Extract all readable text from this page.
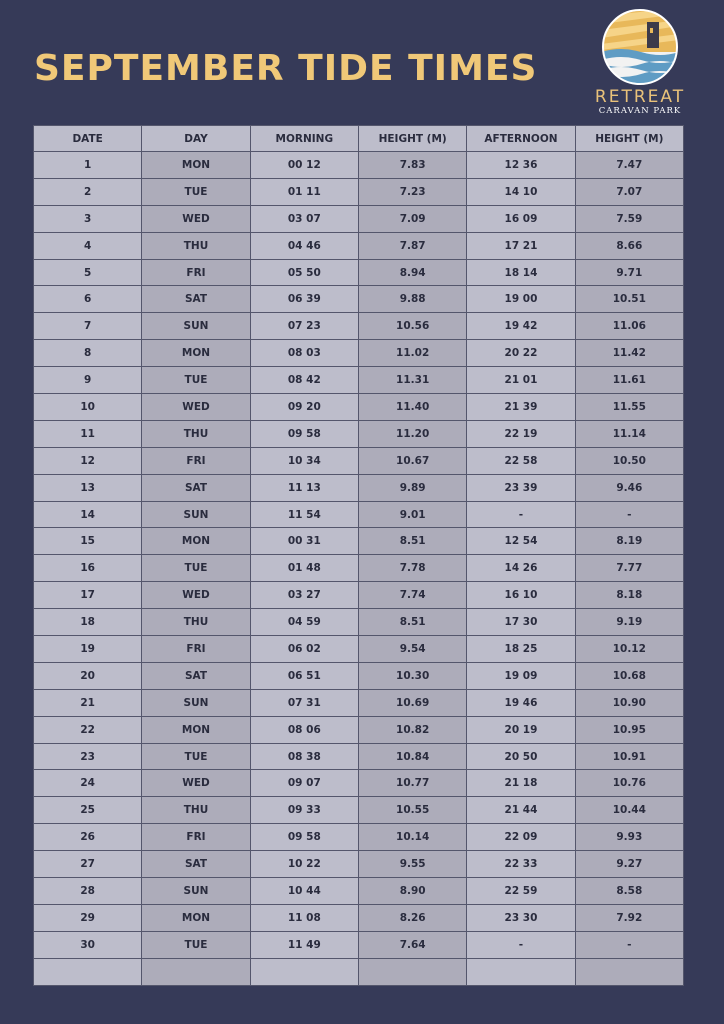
SEPTEMBER TIDE TIMES
RETREAT
CARAVAN PARK
DATE	DAY	MORNING	HEIGHT (M)	AFTERNOON	HEIGHT (M)
1	MON	00 12	7.83	12 36	7.47
2	TUE	01 11	7.23	14 10	7.07
3	WED	03 07	7.09	16 09	7.59
4	THU	04 46	7.87	17 21	8.66
5	FRI	05 50	8.94	18 14	9.71
6	SAT	06 39	9.88	19 00	10.51
7	SUN	07 23	10.56	19 42	11.06
8	MON	08 03	11.02	20 22	11.42
9	TUE	08 42	11.31	21 01	11.61
10	WED	09 20	11.40	21 39	11.55
11	THU	09 58	11.20	22 19	11.14
12	FRI	10 34	10.67	22 58	10.50
13	SAT	11 13	9.89	23 39	9.46
14	SUN	11 54	9.01	-	-
15	MON	00 31	8.51	12 54	8.19
16	TUE	01 48	7.78	14 26	7.77
17	WED	03 27	7.74	16 10	8.18
18	THU	04 59	8.51	17 30	9.19
19	FRI	06 02	9.54	18 25	10.12
20	SAT	06 51	10.30	19 09	10.68
21	SUN	07 31	10.69	19 46	10.90
22	MON	08 06	10.82	20 19	10.95
23	TUE	08 38	10.84	20 50	10.91
24	WED	09 07	10.77	21 18	10.76
25	THU	09 33	10.55	21 44	10.44
26	FRI	09 58	10.14	22 09	9.93
27	SAT	10 22	9.55	22 33	9.27
28	SUN	10 44	8.90	22 59	8.58
29	MON	11 08	8.26	23 30	7.92
30	TUE	11 49	7.64	-	-
